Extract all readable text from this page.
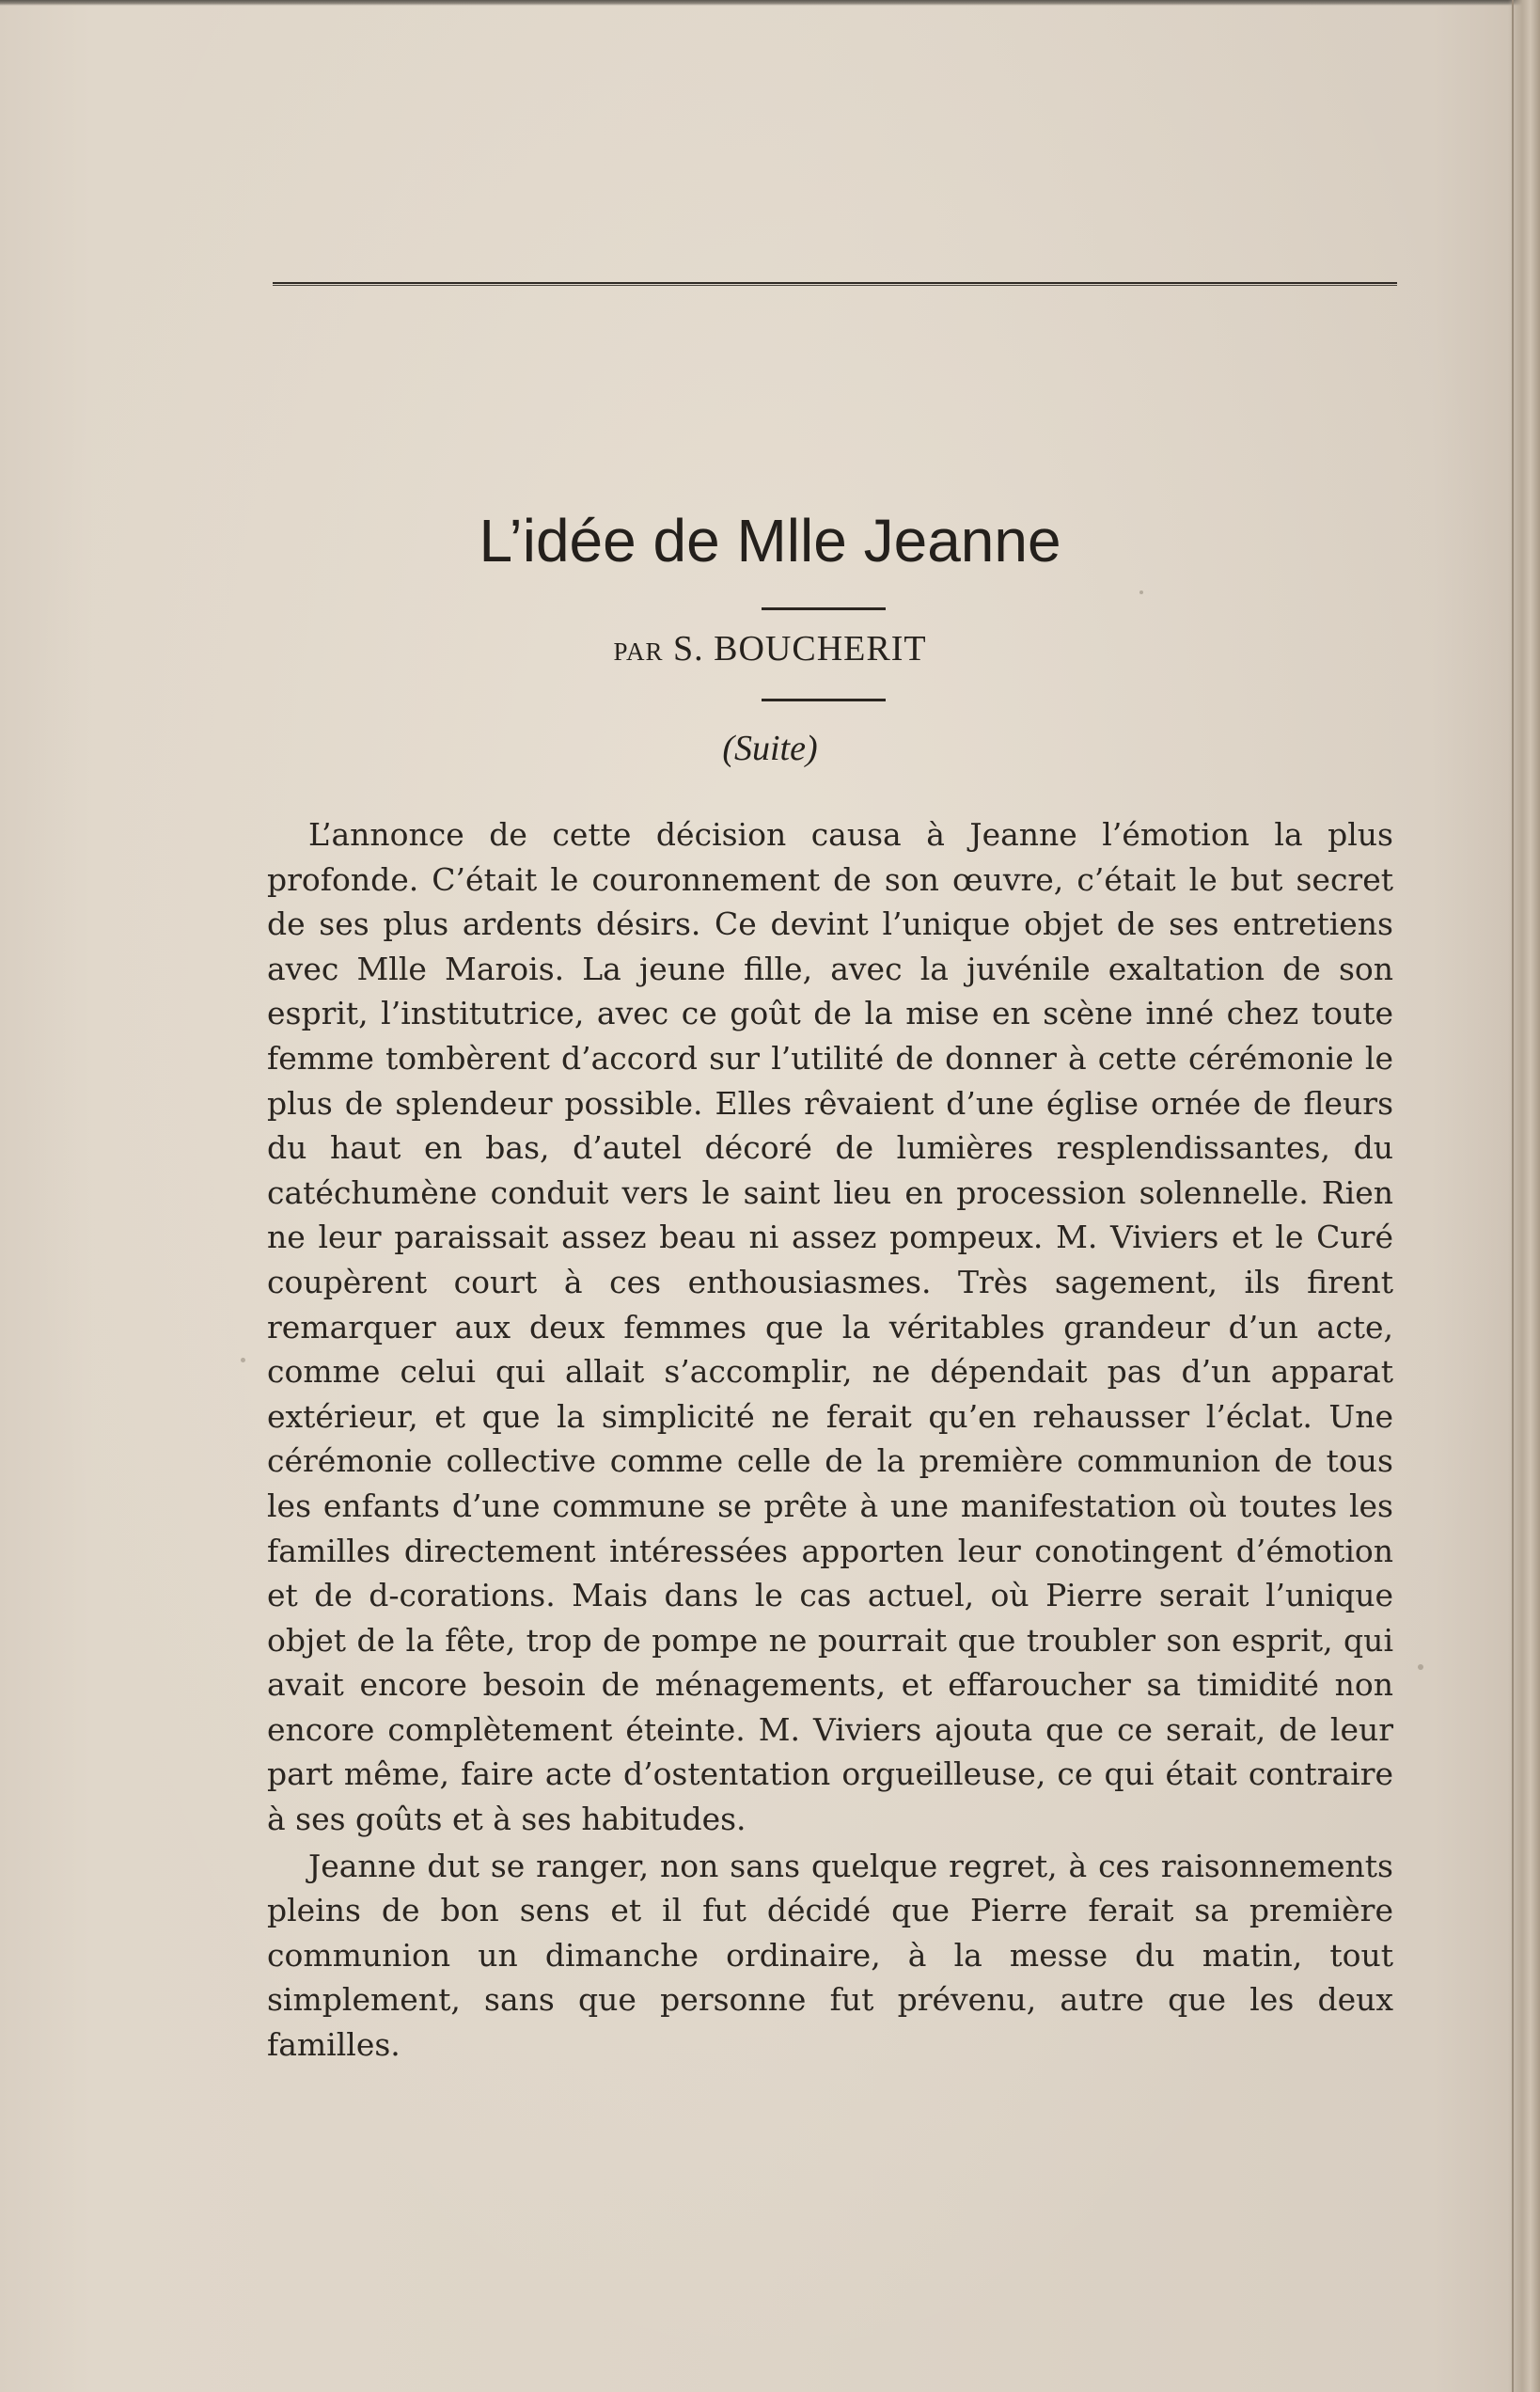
L’idée de Mlle Jeanne
par S. BOUCHERIT
(Suite)

L’annonce de cette décision causa à Jeanne l’émotion la plus profonde. C’était le couronnement de son œuvre, c’était le but secret de ses plus ardents désirs. Ce devint l’unique objet de ses entretiens avec Mlle Marois. La jeune fille, avec la juvénile exaltation de son esprit, l’institutrice, avec ce goût de la mise en scène inné chez toute femme tombèrent d’accord sur l’utilité de donner à cette cérémonie le plus de splendeur possible. Elles rêvaient d’une église ornée de fleurs du haut en bas, d’autel décoré de lumières resplendissantes, du catéchumène conduit vers le saint lieu en procession solennelle. Rien ne leur paraissait assez beau ni assez pompeux. M. Viviers et le Curé coupèrent court à ces enthousiasmes. Très sagement, ils firent remarquer aux deux femmes que la véritables grandeur d’un acte, comme celui qui allait s’accomplir, ne dépendait pas d’un apparat extérieur, et que la simplicité ne ferait qu’en rehausser l’éclat. Une cérémonie collective comme celle de la première communion de tous les enfants d’une commune se prête à une manifestation où toutes les familles directement intéressées apporten leur conotingent d’émotion et de d-corations. Mais dans le cas actuel, où Pierre serait l’unique objet de la fête, trop de pompe ne pourrait que troubler son esprit, qui avait encore besoin de ménagements, et effaroucher sa timidité non encore complètement éteinte. M. Viviers ajouta que ce serait, de leur part même, faire acte d’ostentation orgueilleuse, ce qui était contraire à ses goûts et à ses habitudes.

Jeanne dut se ranger, non sans quelque regret, à ces raisonnements pleins de bon sens et il fut décidé que Pierre ferait sa première communion un dimanche ordinaire, à la messe du matin, tout simplement, sans que personne fut prévenu, autre que les deux familles.
